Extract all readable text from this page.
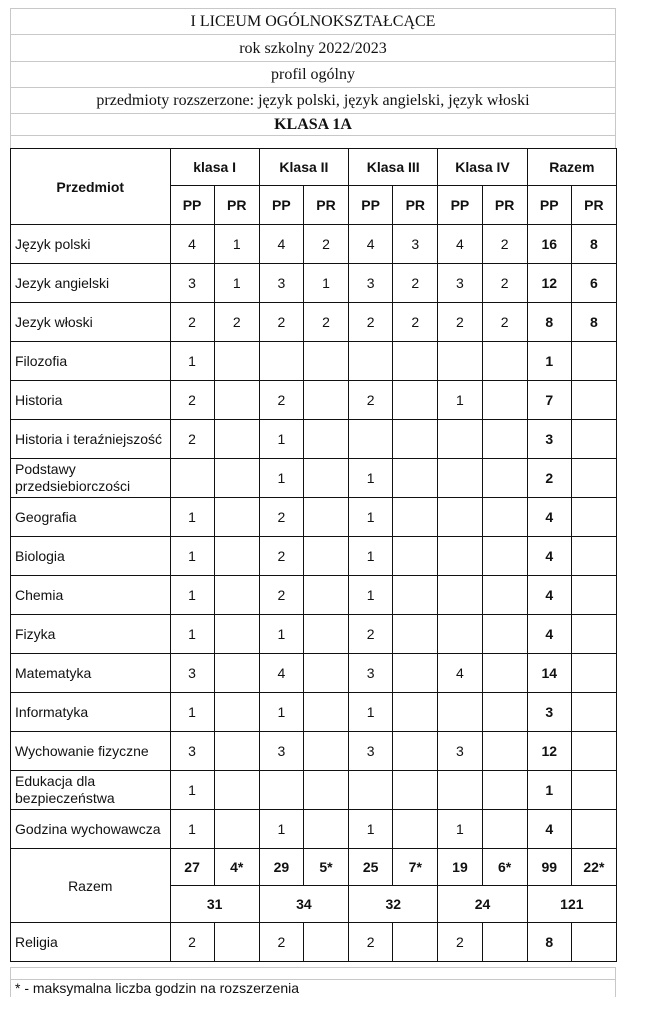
I LICEUM OGÓLNOKSZTAŁCĄCE
rok szkolny 2022/2023
profil ogólny
przedmioty rozszerzone: język polski, język angielski, język włoski
KLASA 1A
Przedmiot	klasa I		Klasa II		Klasa III		Klasa IV		Razem	
	PP	PR	PP	PR	PP	PR	PP	PR	PP	PR
Język polski	4	1	4	2	4	3	4	2	16	8
Jezyk angielski	3	1	3	1	3	2	3	2	12	6
Jezyk włoski	2	2	2	2	2	2	2	2	8	8
Filozofia	1								1	
Historia	2		2		2		1		7	
Historia i teraźniejszość	2		1						3	
Podstawy przedsiebiorczości			1		1				2	
Geografia	1		2		1				4	
Biologia	1		2		1				4	
Chemia	1		2		1				4	
Fizyka	1		1		2				4	
Matematyka	3		4		3		4		14	
Informatyka	1		1		1				3	
Wychowanie fizyczne	3		3		3		3		12	
Edukacja dla bezpieczeństwa	1								1	
Godzina wychowawcza	1		1		1		1		4	
Razem	27	4*	29	5*	25	7*	19	6*	99	22*
	31		34		32		24		121	
Religia	2		2		2		2		8	
* - maksymalna liczba godzin na rozszerzenia
